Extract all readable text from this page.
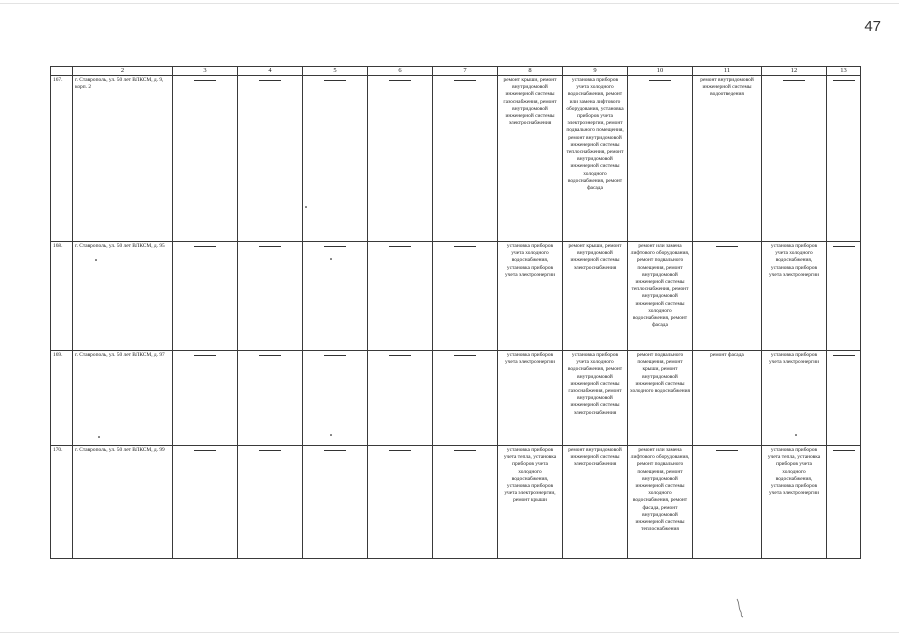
47
	2	3	4	5	6	7	8	9	10	11	12	13
167.	г. Ставрополь, ул. 50 лет ВЛКСМ, д. 9, корп. 2						ремонт крыши, ремонт внутридомовой инженерной системы газоснабжения, ремонт внутридомовой инженерной системы электроснабжения	установка приборов учета холодного водоснабжения, ремонт или замена лифтового оборудования, установка приборов учета электроэнергии, ремонт подвального помещения, ремонт внутридомовой инженерной системы теплоснабжения, ремонт внутридомовой инженерной системы холодного водоснабжения, ремонт фасада		ремонт внутридомовой инженерной системы водоотведения		
168.	г. Ставрополь, ул. 50 лет ВЛКСМ, д. 95						установка приборов учета холодного водоснабжения, установка приборов учета электроэнергии	ремонт крыши, ремонт внутридомовой инженерной системы электроснабжения	ремонт или замена лифтового оборудования, ремонт подвального помещения, ремонт внутридомовой инженерной системы теплоснабжения, ремонт внутридомовой инженерной системы холодного водоснабжения, ремонт фасада		установка приборов учета холодного водоснабжения, установка приборов учета электроэнергии	
169.	г. Ставрополь, ул. 50 лет ВЛКСМ, д. 97						установка приборов учета электроэнергии	установка приборов учета холодного водоснабжения, ремонт внутридомовой инженерной системы газоснабжения, ремонт внутридомовой инженерной системы электроснабжения	ремонт подвального помещения, ремонт крыши, ремонт внутридомовой инженерной системы холодного водоснабжения	ремонт фасада	установка приборов учета электроэнергии	
170.	г. Ставрополь, ул. 50 лет ВЛКСМ, д. 99						установка приборов учета тепла, установка приборов учета холодного водоснабжения, установка приборов учета электроэнергии, ремонт крыши	ремонт внутридомовой инженерной системы электроснабжения	ремонт или замена лифтового оборудования, ремонт подвального помещения, ремонт внутридомовой инженерной системы холодного водоснабжения, ремонт фасада, ремонт внутридомовой инженерной системы теплоснабжения		установка приборов учета тепла, установка приборов учета холодного водоснабжения, установка приборов учета электроэнергии	
